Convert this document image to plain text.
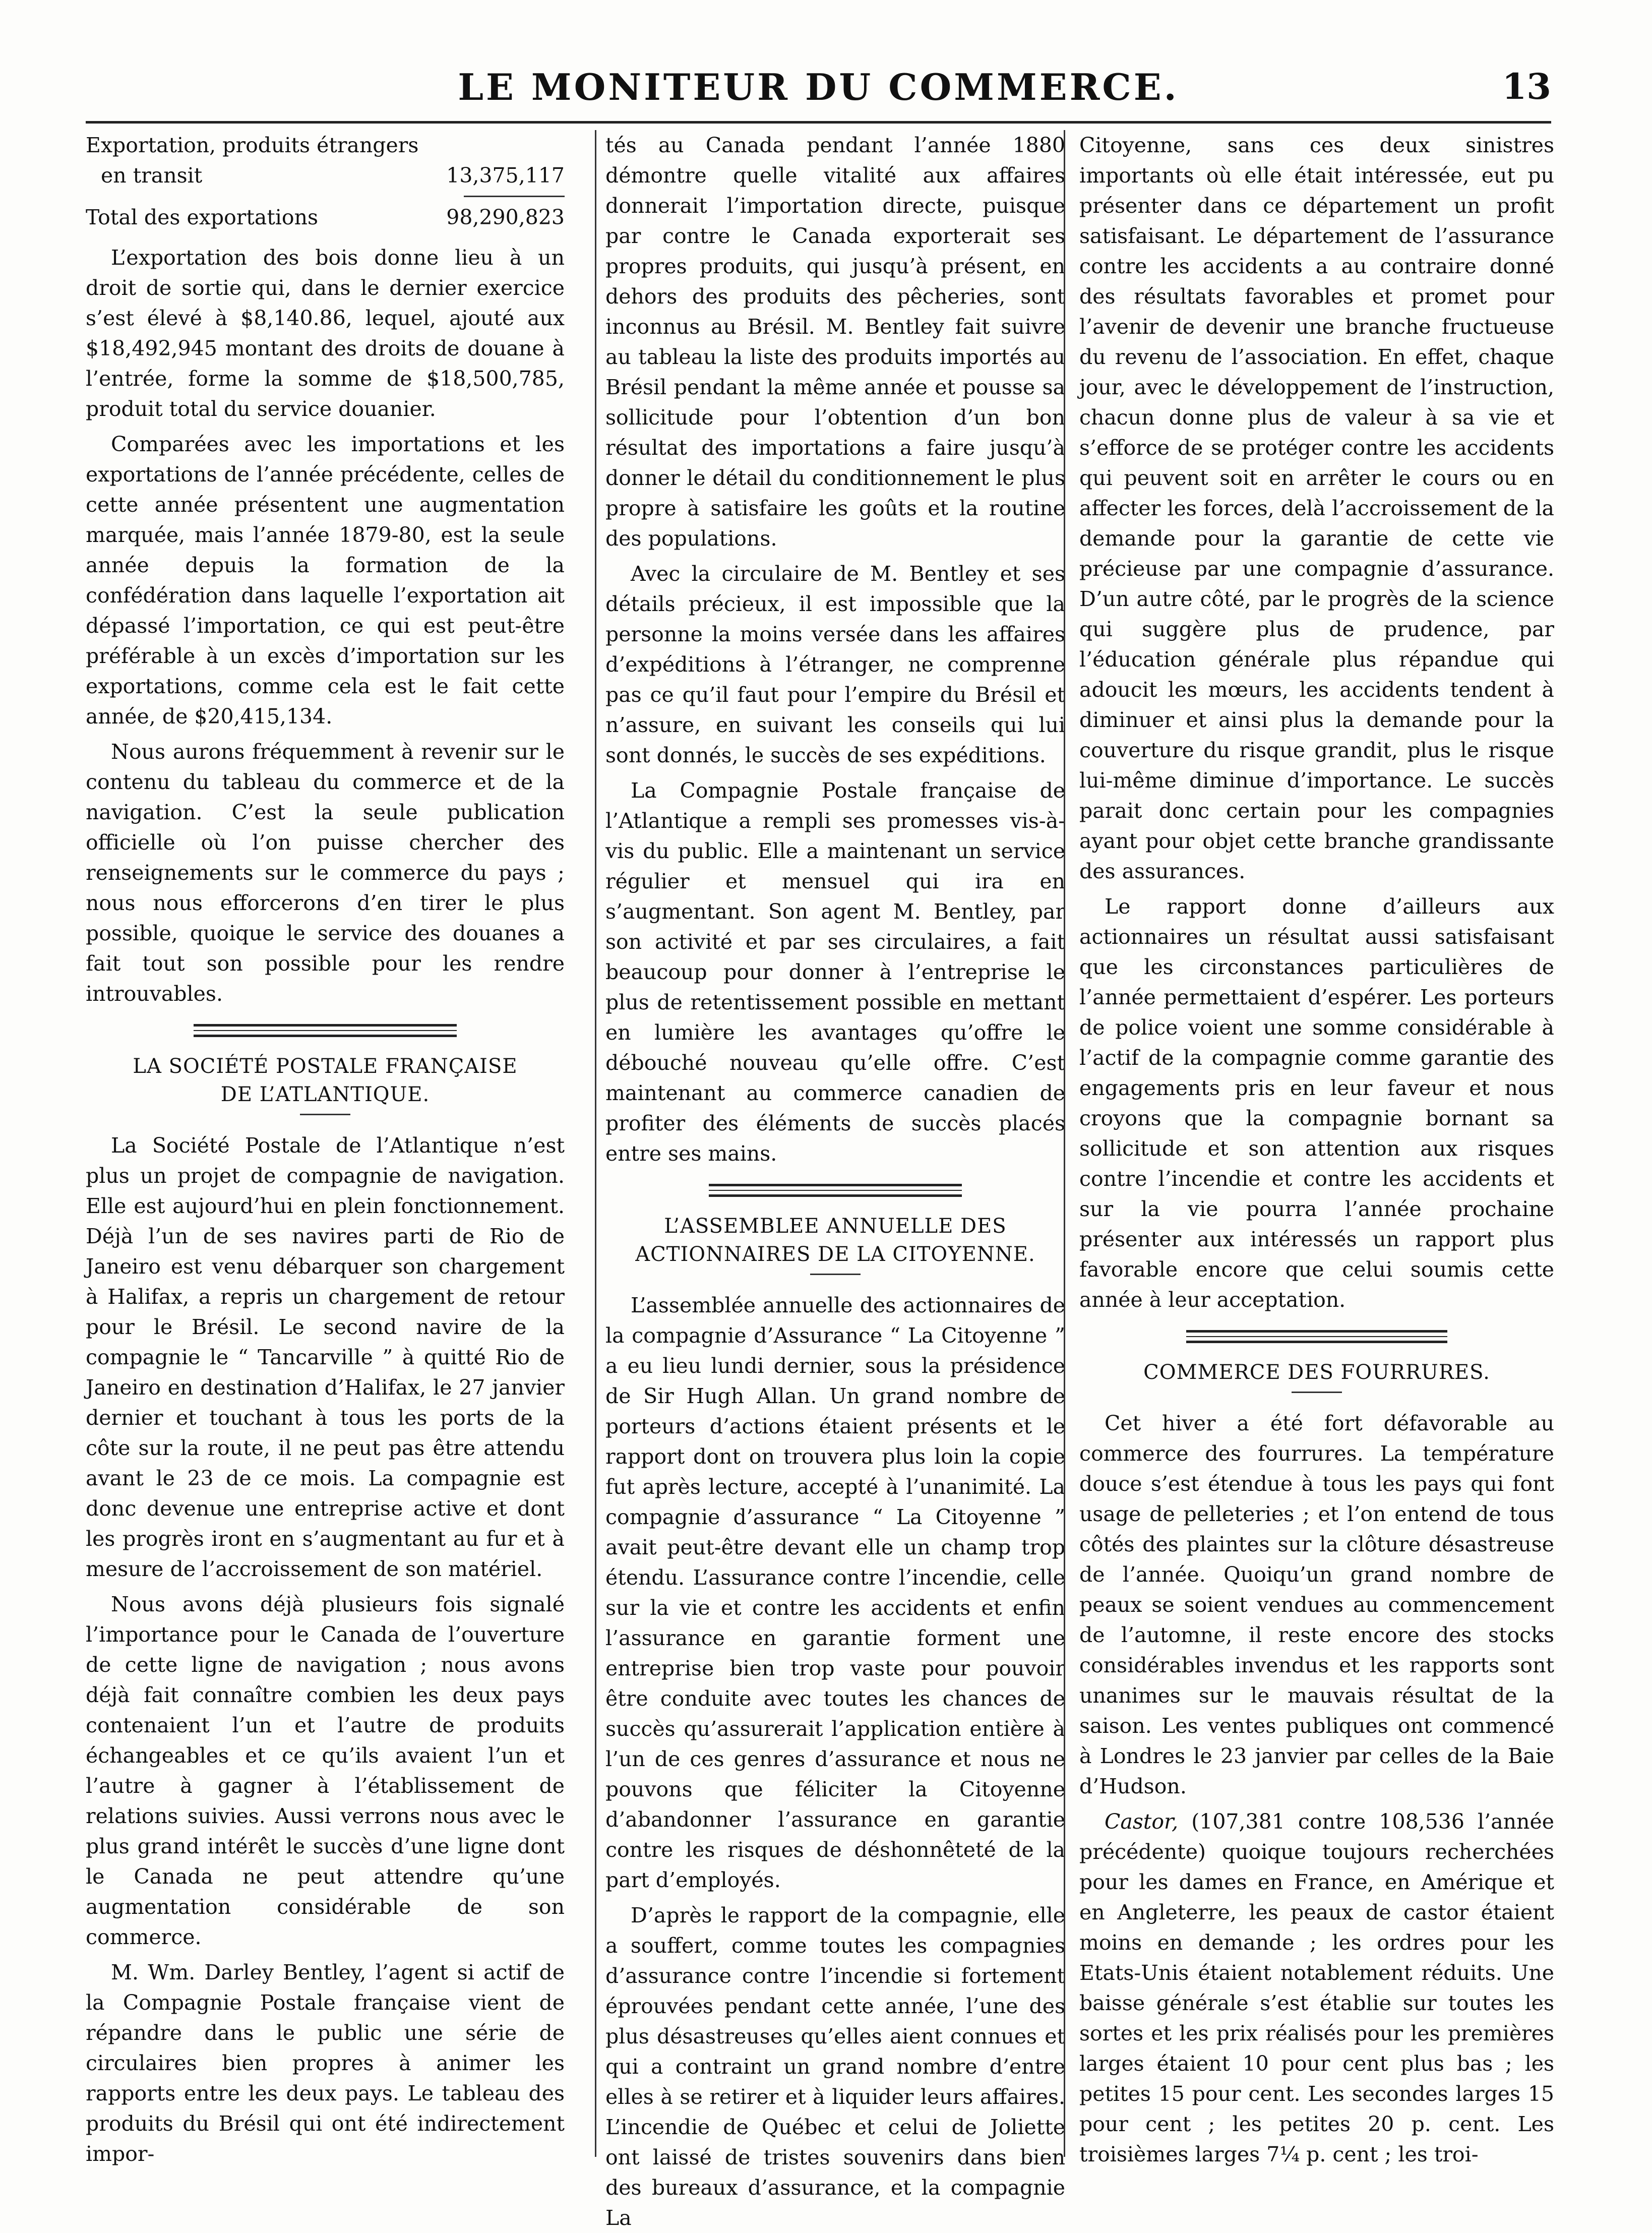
LE MONITEUR DU COMMERCE.	13
Exportation, produits étrangers
en transit	13,375,117
Total des exportations	98,290,823

L’exportation des bois donne lieu à un droit de sortie qui, dans le dernier exercice s’est élevé à $8,140.86, lequel, ajouté aux $18,492,945 montant des droits de douane à l’entrée, forme la somme de $18,500,785, produit total du service douanier.

Comparées avec les importations et les exportations de l’année précédente, celles de cette année présentent une augmentation marquée, mais l’année 1879-80, est la seule année depuis la formation de la confédération dans laquelle l’exportation ait dépassé l’importation, ce qui est peut-être préférable à un excès d’importation sur les exportations, comme cela est le fait cette année, de $20,415,134.

Nous aurons fréquemment à revenir sur le contenu du tableau du commerce et de la navigation. C’est la seule publication officielle où l’on puisse chercher des renseignements sur le commerce du pays ; nous nous efforcerons d’en tirer le plus possible, quoique le service des douanes a fait tout son possible pour les rendre introuvables.

LA SOCIÉTÉ POSTALE FRANÇAISE
DE L’ATLANTIQUE.

La Société Postale de l’Atlantique n’est plus un projet de compagnie de navigation. Elle est aujourd’hui en plein fonctionnement. Déjà l’un de ses navires parti de Rio de Janeiro est venu débarquer son chargement à Halifax, a repris un chargement de retour pour le Brésil. Le second navire de la compagnie le “ Tancarville ” à quitté Rio de Janeiro en destination d’Halifax, le 27 janvier dernier et touchant à tous les ports de la côte sur la route, il ne peut pas être attendu avant le 23 de ce mois. La compagnie est donc devenue une entreprise active et dont les progrès iront en s’augmentant au fur et à mesure de l’accroissement de son matériel.

Nous avons déjà plusieurs fois signalé l’importance pour le Canada de l’ouverture de cette ligne de navigation ; nous avons déjà fait connaître combien les deux pays contenaient l’un et l’autre de produits échangeables et ce qu’ils avaient l’un et l’autre à gagner à l’établissement de relations suivies. Aussi verrons nous avec le plus grand intérêt le succès d’une ligne dont le Canada ne peut attendre qu’une augmentation considérable de son commerce.

M. Wm. Darley Bentley, l’agent si actif de la Compagnie Postale française vient de répandre dans le public une série de circulaires bien propres à animer les rapports entre les deux pays. Le tableau des produits du Brésil qui ont été indirectement impor-

tés au Canada pendant l’année 1880 démontre quelle vitalité aux affaires donnerait l’importation directe, puisque par contre le Canada exporterait ses propres produits, qui jusqu’à présent, en dehors des produits des pêcheries, sont inconnus au Brésil. M. Bentley fait suivre au tableau la liste des produits importés au Brésil pendant la même année et pousse sa sollicitude pour l’obtention d’un bon résultat des importations a faire jusqu’à donner le détail du conditionnement le plus propre à satisfaire les goûts et la routine des populations.

Avec la circulaire de M. Bentley et ses détails précieux, il est impossible que la personne la moins versée dans les affaires d’expéditions à l’étranger, ne comprenne pas ce qu’il faut pour l’empire du Brésil et n’assure, en suivant les conseils qui lui sont donnés, le succès de ses expéditions.

La Compagnie Postale française de l’Atlantique a rempli ses promesses vis-à-vis du public. Elle a maintenant un service régulier et mensuel qui ira en s’augmentant. Son agent M. Bentley, par son activité et par ses circulaires, a fait beaucoup pour donner à l’entreprise le plus de retentissement possible en mettant en lumière les avantages qu’offre le débouché nouveau qu’elle offre. C’est maintenant au commerce canadien de profiter des éléments de succès placés entre ses mains.

L’ASSEMBLEE ANNUELLE DES
ACTIONNAIRES DE LA CITOYENNE.

L’assemblée annuelle des actionnaires de la compagnie d’Assurance “ La Citoyenne ” a eu lieu lundi dernier, sous la présidence de Sir Hugh Allan. Un grand nombre de porteurs d’actions étaient présents et le rapport dont on trouvera plus loin la copie fut après lecture, accepté à l’unanimité. La compagnie d’assurance “ La Citoyenne ” avait peut-être devant elle un champ trop étendu. L’assurance contre l’incendie, celle sur la vie et contre les accidents et enfin l’assurance en garantie forment une entreprise bien trop vaste pour pouvoir être conduite avec toutes les chances de succès qu’assurerait l’application entière à l’un de ces genres d’assurance et nous ne pouvons que féliciter la Citoyenne d’abandonner l’assurance en garantie contre les risques de déshonnêteté de la part d’employés.

D’après le rapport de la compagnie, elle a souffert, comme toutes les compagnies d’assurance contre l’incendie si fortement éprouvées pendant cette année, l’une des plus désastreuses qu’elles aient connues et qui a contraint un grand nombre d’entre elles à se retirer et à liquider leurs affaires. L’incendie de Québec et celui de Joliette ont laissé de tristes souvenirs dans bien des bureaux d’assurance, et la compagnie La

Citoyenne, sans ces deux sinistres importants où elle était intéressée, eut pu présenter dans ce département un profit satisfaisant. Le département de l’assurance contre les accidents a au contraire donné des résultats favorables et promet pour l’avenir de devenir une branche fructueuse du revenu de l’association. En effet, chaque jour, avec le développement de l’instruction, chacun donne plus de valeur à sa vie et s’efforce de se protéger contre les accidents qui peuvent soit en arrêter le cours ou en affecter les forces, delà l’accroissement de la demande pour la garantie de cette vie précieuse par une compagnie d’assurance. D’un autre côté, par le progrès de la science qui suggère plus de prudence, par l’éducation générale plus répandue qui adoucit les mœurs, les accidents tendent à diminuer et ainsi plus la demande pour la couverture du risque grandit, plus le risque lui-même diminue d’importance. Le succès parait donc certain pour les compagnies ayant pour objet cette branche grandissante des assurances.

Le rapport donne d’ailleurs aux actionnaires un résultat aussi satisfaisant que les circonstances particulières de l’année permettaient d’espérer. Les porteurs de police voient une somme considérable à l’actif de la compagnie comme garantie des engagements pris en leur faveur et nous croyons que la compagnie bornant sa sollicitude et son attention aux risques contre l’incendie et contre les accidents et sur la vie pourra l’année prochaine présenter aux intéressés un rapport plus favorable encore que celui soumis cette année à leur acceptation.

COMMERCE DES FOURRURES.

Cet hiver a été fort défavorable au commerce des fourrures. La température douce s’est étendue à tous les pays qui font usage de pelleteries ; et l’on entend de tous côtés des plaintes sur la clôture désastreuse de l’année. Quoiqu’un grand nombre de peaux se soient vendues au commencement de l’automne, il reste encore des stocks considérables invendus et les rapports sont unanimes sur le mauvais résultat de la saison. Les ventes publiques ont commencé à Londres le 23 janvier par celles de la Baie d’Hudson.

Castor, (107,381 contre 108,536 l’année précédente) quoique toujours recherchées pour les dames en France, en Amérique et en Angleterre, les peaux de castor étaient moins en demande ; les ordres pour les Etats-Unis étaient notablement réduits. Une baisse générale s’est établie sur toutes les sortes et les prix réalisés pour les premières larges étaient 10 pour cent plus bas ; les petites 15 pour cent. Les secondes larges 15 pour cent ; les petites 20 p. cent. Les troisièmes larges 7¼ p. cent ; les troi-
